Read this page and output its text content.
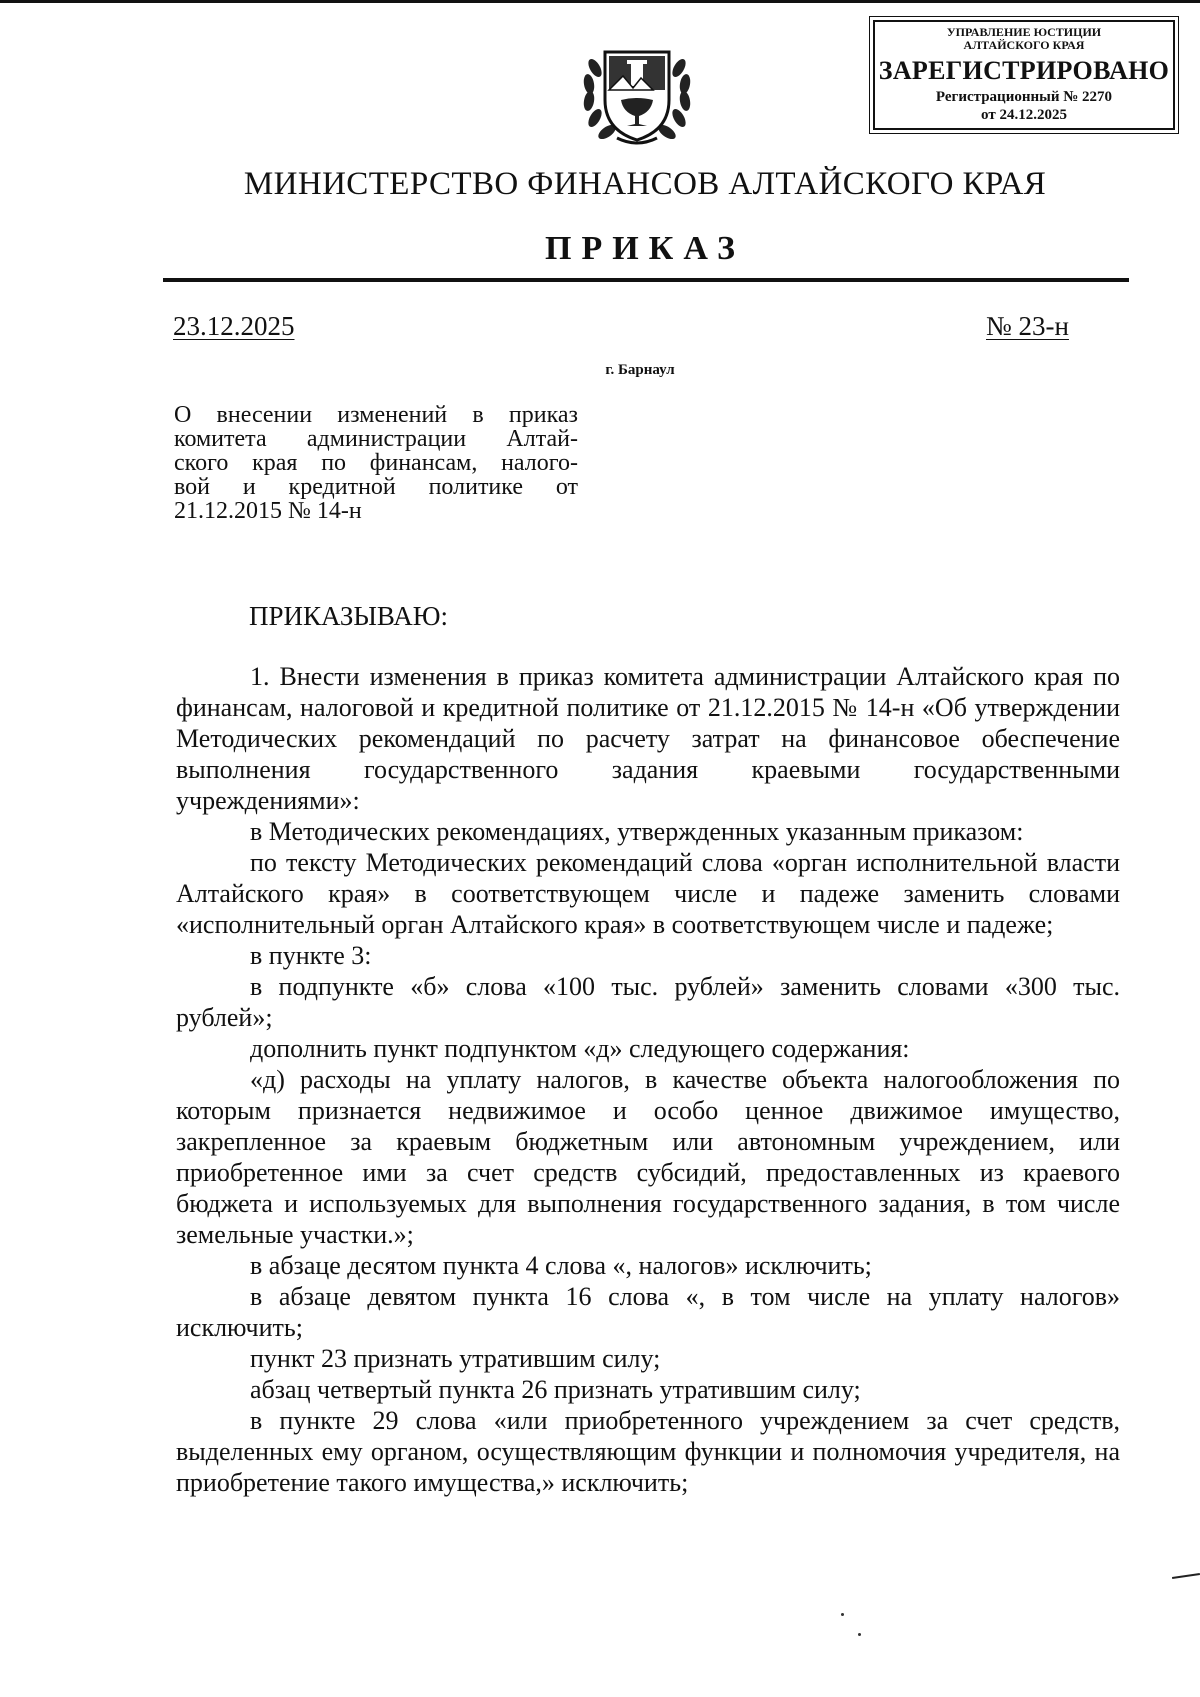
УПРАВЛЕНИЕ ЮСТИЦИИ
АЛТАЙСКОГО КРАЯ
ЗАРЕГИСТРИРОВАНО
Регистрационный № 2270
от 24.12.2025
МИНИСТЕРСТВО ФИНАНСОВ АЛТАЙСКОГО КРАЯ
ПРИКАЗ
23.12.2025	№ 23-н
г. Барнаул
О внесении изменений в приказ
комитета администрации Алтай-
ского края по финансам, налого-
вой и кредитной политике от
21.12.2015 № 14-н
ПРИКАЗЫВАЮ:

1. Внести изменения в приказ комитета администрации Алтайского края по финансам, налоговой и кредитной политике от 21.12.2015 № 14-н «Об утверждении Методических рекомендаций по расчету затрат на финансовое обеспечение выполнения государственного задания краевыми государственными учреждениями»:

в Методических рекомендациях, утвержденных указанным приказом:

по тексту Методических рекомендаций слова «орган исполнительной власти Алтайского края» в соответствующем числе и падеже заменить словами «исполнительный орган Алтайского края» в соответствующем числе и падеже;

в пункте 3:

в подпункте «б» слова «100 тыс. рублей» заменить словами «300 тыс. рублей»;

дополнить пункт подпунктом «д» следующего содержания:

«д) расходы на уплату налогов, в качестве объекта налогообложения по которым признается недвижимое и особо ценное движимое имущество, закрепленное за краевым бюджетным или автономным учреждением, или приобретенное ими за счет средств субсидий, предоставленных из краевого бюджета и используемых для выполнения государственного задания, в том числе земельные участки.»;

в абзаце десятом пункта 4 слова «, налогов» исключить;

в абзаце девятом пункта 16 слова «, в том числе на уплату налогов» исключить;

пункт 23 признать утратившим силу;

абзац четвертый пункта 26 признать утратившим силу;

в пункте 29 слова «или приобретенного учреждением за счет средств, выделенных ему органом, осуществляющим функции и полномочия учредителя, на приобретение такого имущества,» исключить;
